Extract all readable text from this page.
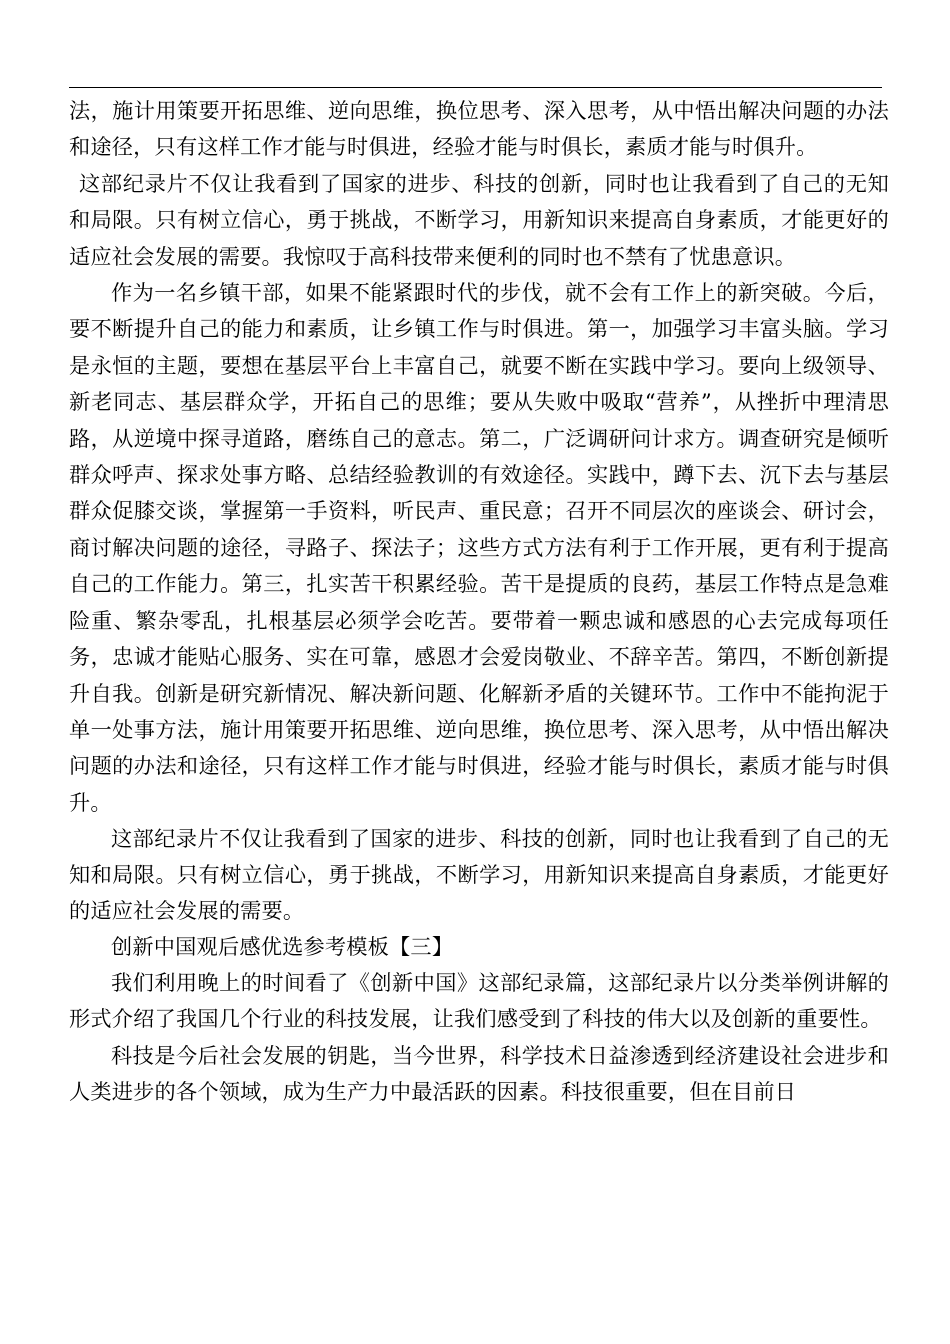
法，施计用策要开拓思维、逆向思维，换位思考、深入思考，从中悟出解决问题的办法和途径，只有这样工作才能与时俱进，经验才能与时俱长，素质才能与时俱升。

这部纪录片不仅让我看到了国家的进步、科技的创新，同时也让我看到了自己的无知和局限。只有树立信心，勇于挑战，不断学习，用新知识来提高自身素质，才能更好的适应社会发展的需要。我惊叹于高科技带来便利的同时也不禁有了忧患意识。

作为一名乡镇干部，如果不能紧跟时代的步伐，就不会有工作上的新突破。今后，要不断提升自己的能力和素质，让乡镇工作与时俱进。第一，加强学习丰富头脑。学习是永恒的主题，要想在基层平台上丰富自己，就要不断在实践中学习。要向上级领导、新老同志、基层群众学，开拓自己的思维；要从失败中吸取“营养”，从挫折中理清思路，从逆境中探寻道路，磨练自己的意志。第二，广泛调研问计求方。调查研究是倾听群众呼声、探求处事方略、总结经验教训的有效途径。实践中，蹲下去、沉下去与基层群众促膝交谈，掌握第一手资料，听民声、重民意；召开不同层次的座谈会、研讨会，商讨解决问题的途径，寻路子、探法子；这些方式方法有利于工作开展，更有利于提高自己的工作能力。第三，扎实苦干积累经验。苦干是提质的良药，基层工作特点是急难险重、繁杂零乱，扎根基层必须学会吃苦。要带着一颗忠诚和感恩的心去完成每项任务，忠诚才能贴心服务、实在可靠，感恩才会爱岗敬业、不辞辛苦。第四，不断创新提升自我。创新是研究新情况、解决新问题、化解新矛盾的关键环节。工作中不能拘泥于单一处事方法，施计用策要开拓思维、逆向思维，换位思考、深入思考，从中悟出解决问题的办法和途径，只有这样工作才能与时俱进，经验才能与时俱长，素质才能与时俱升。

这部纪录片不仅让我看到了国家的进步、科技的创新，同时也让我看到了自己的无知和局限。只有树立信心，勇于挑战，不断学习，用新知识来提高自身素质，才能更好的适应社会发展的需要。

创新中国观后感优选参考模板【三】

我们利用晚上的时间看了《创新中国》这部纪录篇，这部纪录片以分类举例讲解的形式介绍了我国几个行业的科技发展，让我们感受到了科技的伟大以及创新的重要性。

科技是今后社会发展的钥匙，当今世界，科学技术日益渗透到经济建设社会进步和人类进步的各个领域，成为生产力中最活跃的因素。科技很重要，但在目前日
